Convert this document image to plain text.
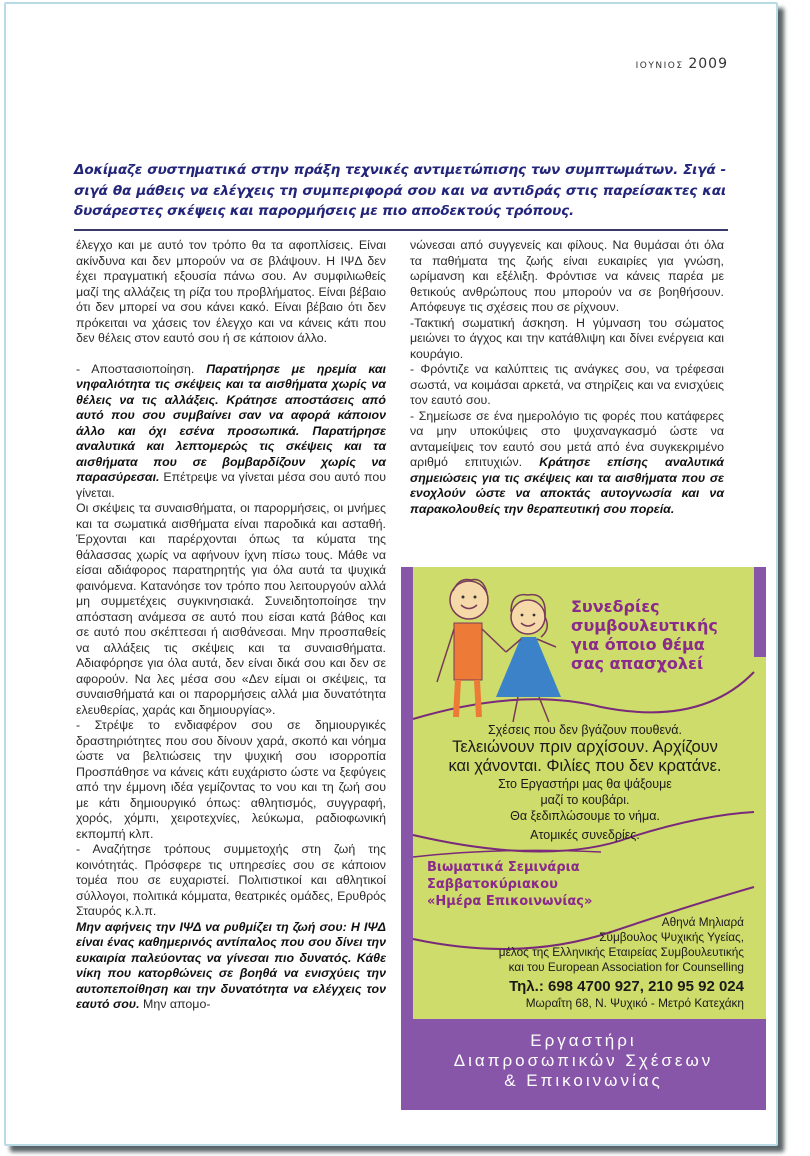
ΙΟΥΝΙΟΣ 2009
Δοκίμαζε συστηματικά στην πράξη τεχνικές αντιμετώπισης των συμπτωμάτων. Σιγά - σιγά θα μάθεις να ελέγχεις τη συμπεριφορά σου και να αντιδράς στις παρείσακτες και δυσάρεστες σκέψεις και παρορμήσεις με πιο αποδεκτούς τρόπους.

έλεγχο και με αυτό τον τρόπο θα τα αφοπλίσεις. Είναι ακίνδυνα και δεν μπορούν να σε βλάψουν. Η ΙΨΔ δεν έχει πραγματική εξουσία πάνω σου. Αν συμφιλιωθείς μαζί της αλλάζεις τη ρίζα του προβλήματος. Είναι βέβαιο ότι δεν μπορεί να σου κάνει κακό. Είναι βέβαιο ότι δεν πρόκειται να χάσεις τον έλεγχο και να κάνεις κάτι που δεν θέλεις στον εαυτό σου ή σε κάποιον άλλο.

- Αποστασιοποίηση. Παρατήρησε με ηρεμία και νηφαλιότητα τις σκέψεις και τα αισθήματα χωρίς να θέλεις να τις αλλάξεις. Κράτησε αποστάσεις από αυτό που σου συμβαίνει σαν να αφορά κάποιον άλλο και όχι εσένα προσωπικά. Παρατήρησε αναλυτικά και λεπτομερώς τις σκέψεις και τα αισθήματα που σε βομβαρδίζουν χωρίς να παρασύρεσαι. Επέτρεψε να γίνεται μέσα σου αυτό που γίνεται.

Οι σκέψεις τα συναισθήματα, οι παρορμήσεις, οι μνήμες και τα σωματικά αισθήματα είναι παροδικά και ασταθή. Έρχονται και παρέρχονται όπως τα κύματα της θάλασσας χωρίς να αφήνουν ίχνη πίσω τους. Μάθε να είσαι αδιάφορος παρατηρητής για όλα αυτά τα ψυχικά φαινόμενα. Κατανόησε τον τρόπο που λειτουργούν αλλά μη συμμετέχεις συγκινησιακά. Συνειδητοποίησε την απόσταση ανάμεσα σε αυτό που είσαι κατά βάθος και σε αυτό που σκέπτεσαι ή αισθάνεσαι. Μην προσπαθείς να αλλάξεις τις σκέψεις και τα συναισθήματα. Αδιαφόρησε για όλα αυτά, δεν είναι δικά σου και δεν σε αφορούν. Να λες μέσα σου «Δεν είμαι οι σκέψεις, τα συναισθήματά και οι παρορμήσεις αλλά μια δυνατότητα ελευθερίας, χαράς και δημιουργίας».

- Στρέψε το ενδιαφέρον σου σε δημιουργικές δραστηριότητες που σου δίνουν χαρά, σκοπό και νόημα ώστε να βελτιώσεις την ψυχική σου ισορροπία Προσπάθησε να κάνεις κάτι ευχάριστο ώστε να ξεφύγεις από την έμμονη ιδέα γεμίζοντας το νου και τη ζωή σου με κάτι δημιουργικό όπως: αθλητισμός, συγγραφή, χορός, χόμπι, χειροτεχνίες, λεύκωμα, ραδιοφωνική εκπομπή κλπ.

- Αναζήτησε τρόπους συμμετοχής στη ζωή της κοινότητάς. Πρόσφερε τις υπηρεσίες σου σε κάποιον τομέα που σε ευχαριστεί. Πολιτιστικοί και αθλητικοί σύλλογοι, πολιτικά κόμματα, θεατρικές ομάδες, Ερυθρός Σταυρός κ.λ.π.

Μην αφήνεις την ΙΨΔ να ρυθμίζει τη ζωή σου: Η ΙΨΔ είναι ένας καθημερινός αντίπαλος που σου δίνει την ευκαιρία παλεύοντας να γίνεσαι πιο δυνατός. Κάθε νίκη που κατορθώνεις σε βοηθά να ενισχύεις την αυτοπεποίθηση και την δυνατότητα να ελέγχεις τον εαυτό σου. Μην απομο-

νώνεσαι από συγγενείς και φίλους. Να θυμάσαι ότι όλα τα παθήματα της ζωής είναι ευκαιρίες για γνώση, ωρίμανση και εξέλιξη. Φρόντισε να κάνεις παρέα με θετικούς ανθρώπους που μπορούν να σε βοηθήσουν. Απόφευγε τις σχέσεις που σε ρίχνουν.

-Τακτική σωματική άσκηση. Η γύμναση του σώματος μειώνει το άγχος και την κατάθλιψη και δίνει ενέργεια και κουράγιο.

- Φρόντιζε να καλύπτεις τις ανάγκες σου, να τρέφεσαι σωστά, να κοιμάσαι αρκετά, να στηρίζεις και να ενισχύεις τον εαυτό σου.

- Σημείωσε σε ένα ημερολόγιο τις φορές που κατάφερες να μην υποκύψεις στο ψυχαναγκασμό ώστε να ανταμείψεις τον εαυτό σου μετά από ένα συγκεκριμένο αριθμό επιτυχιών. Κράτησε επίσης αναλυτικά σημειώσεις για τις σκέψεις και τα αισθήματα που σε ενοχλούν ώστε να αποκτάς αυτογνωσία και να παρακολουθείς την θεραπευτική σου πορεία.

Συνεδρίες
συμβουλευτικής
για όποιο θέμα
σας απασχολεί
Σχέσεις που δεν βγάζουν πουθενά.
Τελειώνουν πριν αρχίσουν. Αρχίζουν
και χάνονται. Φιλίες που δεν κρατάνε.
Στο Εργαστήρι μας θα ψάξουμε
μαζί το κουβάρι.
Θα ξεδιπλώσουμε το νήμα.
Ατομικές συνεδρίες.
Βιωματικά Σεμινάρια
Σαββατοκύριακου
«Ημέρα Επικοινωνίας»
Αθηνά Μηλιαρά
Σύμβουλος Ψυχικής Υγείας,
μέλος της Ελληνικής Εταιρείας Συμβουλευτικής
και του European Association for Counselling
Τηλ.: 698 4700 927, 210 95 92 024
Μωραΐτη 68, Ν. Ψυχικό - Μετρό Κατεχάκη
Εργαστήρι
Διαπροσωπικών Σχέσεων
& Επικοινωνίας
